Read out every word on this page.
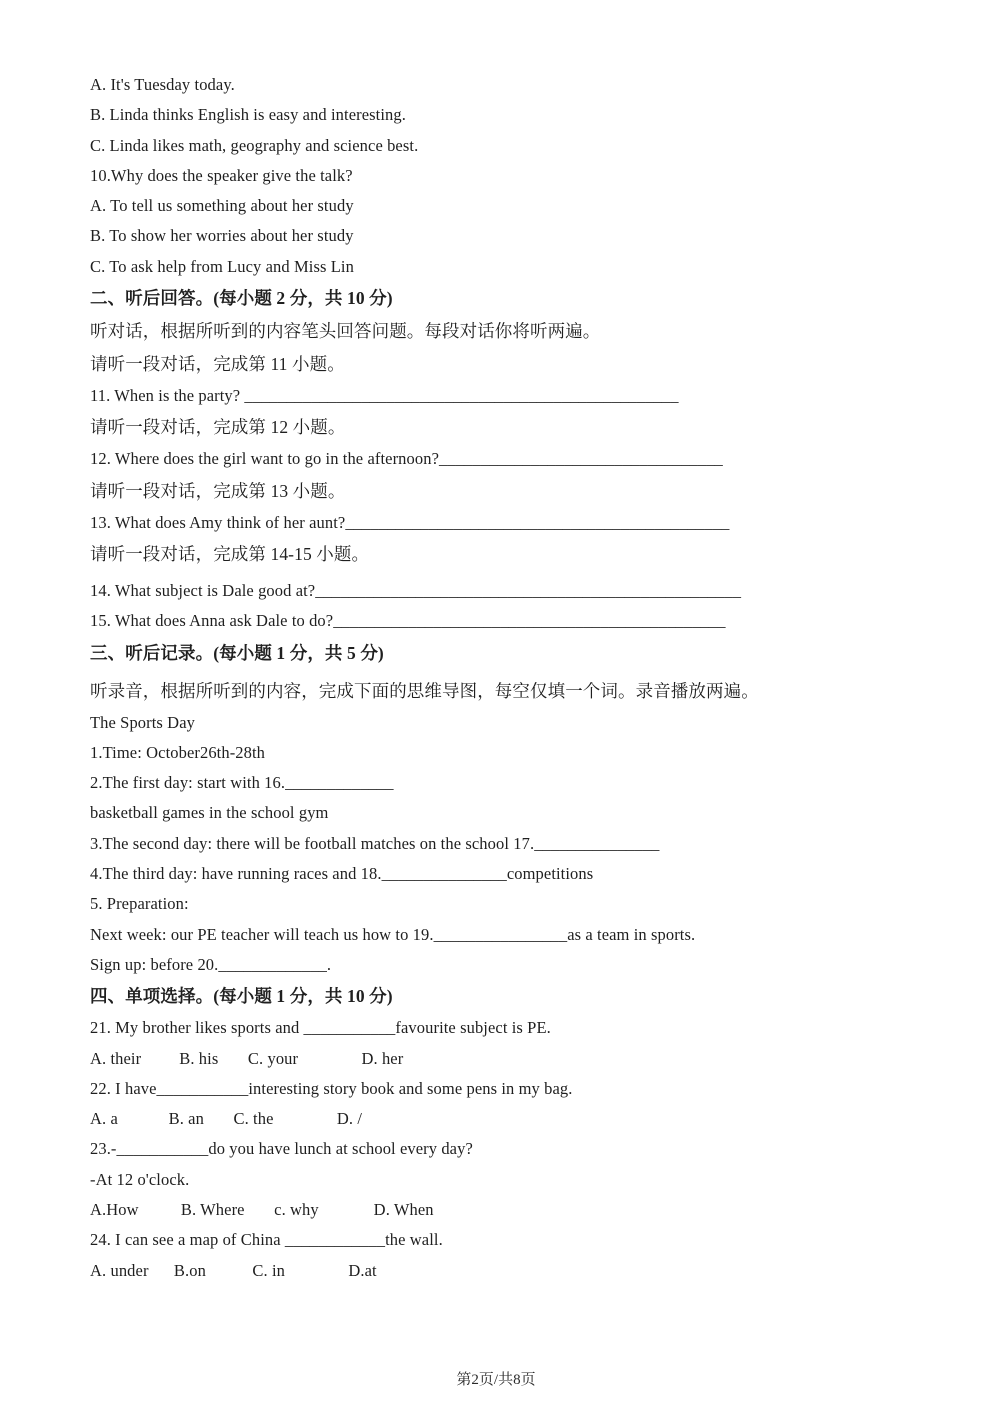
A. It's Tuesday today.
B. Linda thinks English is easy and interesting.
C. Linda likes math, geography and science best.
10.Why does the speaker give the talk?
A. To tell us something about her study
B. To show her worries about her study
C. To ask help from Lucy and Miss Lin
二、听后回答。(每小题 2 分，共 10 分)
听对话，根据所听到的内容笔头回答问题。每段对话你将听两遍。
请听一段对话，完成第 11 小题。
11. When is the party? ____________________________________________________
请听一段对话，完成第 12 小题。
12. Where does the girl want to go in the afternoon?__________________________________
请听一段对话，完成第 13 小题。
13. What does Amy think of her aunt?______________________________________________
请听一段对话，完成第 14-15 小题。
14. What subject is Dale good at?___________________________________________________
15. What does Anna ask Dale to do?_______________________________________________
三、听后记录。(每小题 1 分，共 5 分)
听录音，根据所听到的内容，完成下面的思维导图，每空仅填一个词。录音播放两遍。
The Sports Day
1.Time: October26th-28th
2.The first day: start with 16._____________
basketball games in the school gym
3.The second day: there will be football matches on the school 17._______________
4.The third day: have running races and 18._______________competitions
5. Preparation:
Next week: our PE teacher will teach us how to 19.________________as a team in sports.
Sign up: before 20._____________.
四、单项选择。(每小题 1 分，共 10 分)
21. My brother likes sports and ___________favourite subject is PE.
A. their         B. his       C. your               D. her
22. I have___________interesting story book and some pens in my bag.
A. a            B. an       C. the               D. /
23.-___________do you have lunch at school every day?
-At 12 o'clock.
A.How          B. Where       c. why             D. When
24. I can see a map of China ____________the wall.
A. under      B.on           C. in               D.at
第2页/共8页
